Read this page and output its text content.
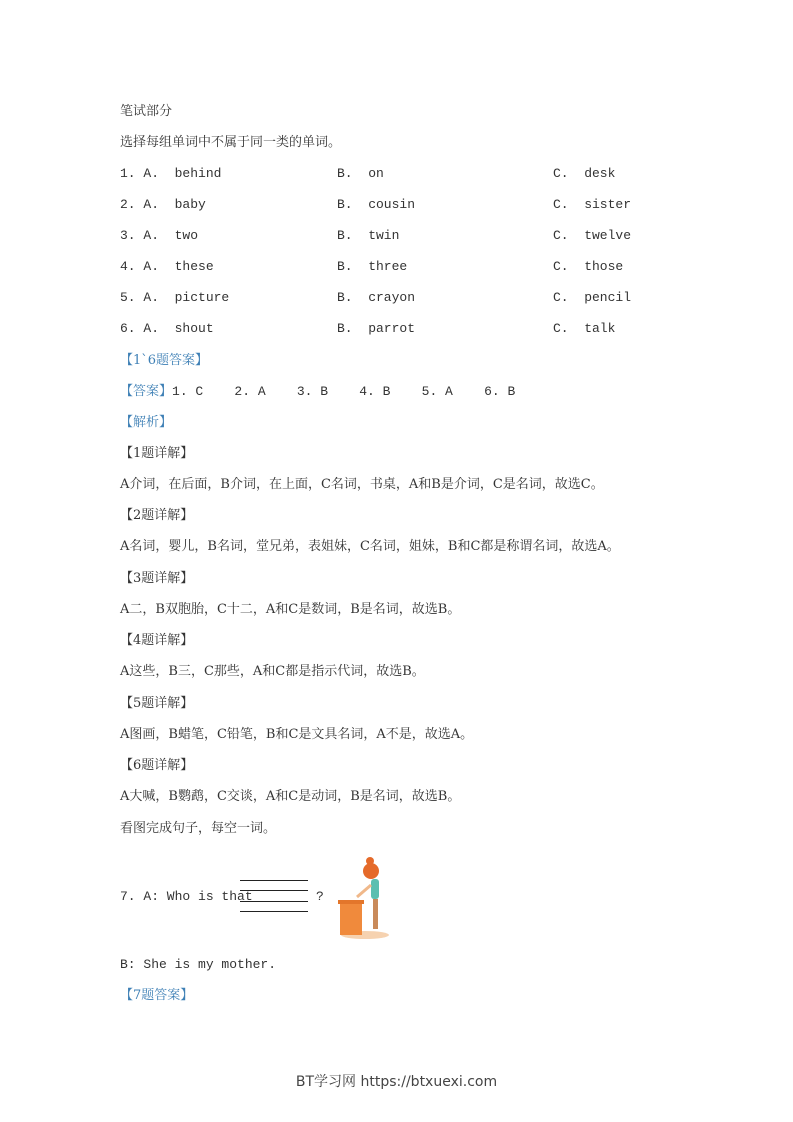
笔试部分
选择每组单词中不属于同一类的单词。
1. A.  behind	B.  on	C.  desk
2. A.  baby	B.  cousin	C.  sister
3. A.  two	B.  twin	C.  twelve
4. A.  these	B.  three	C.  those
5. A.  picture	B.  crayon	C.  pencil
6. A.  shout	B.  parrot	C.  talk
【1`6题答案】
【答案】1. C    2. A    3. B    4. B    5. A    6. B
【解析】
【1题详解】
A介词，在后面，B介词，在上面，C名词，书桌，A和B是介词，C是名词，故选C。
【2题详解】
A名词，婴儿，B名词，堂兄弟，表姐妹，C名词，姐妹，B和C都是称谓名词，故选A。
【3题详解】
A二，B双胞胎，C十二，A和C是数词，B是名词，故选B。
【4题详解】
A这些，B三，C那些，A和C都是指示代词，故选B。
【5题详解】
A图画，B蜡笔，C铅笔，B和C是文具名词，A不是，故选A。
【6题详解】
A大喊，B鹦鹉，C交谈，A和C是动词，B是名词，故选B。
看图完成句子，每空一词。
7. A: Who is that	?
B: She is my mother.
【7题答案】
BT学习网 https://btxuexi.com
